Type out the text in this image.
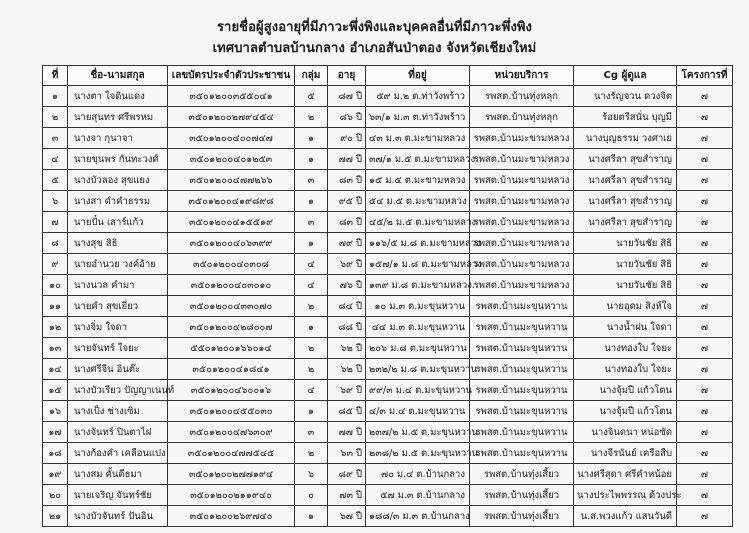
รายชื่อผู้สูงอายุที่มีภาวะพึ่งพิงและบุคคลอื่นที่มีภาวะพึ่งพิง
เทศบาลตำบลบ้านกลาง อำเภอสันป่าตอง จังหวัดเชียงใหม่
ที่	ชื่อ-นามสกุล	เลขบัตรประจำตัวประชาชน	กลุ่ม	อายุ	ที่อยู่	หน่วยบริการ	Cg ผู้ดูแล	โครงการที่
๑	นางตา ใจดินแดง	๓๕๐๑๒๐๐๓๕๕๐๔๑	๕	๘๗ ปี	๕๙ ม.๒ ต.ท่าวังพร้าว	รพสต.บ้านทุ่งหลุก	นางรัญจวน ดวงจิต	๗
๒	นายสุนทร ศรีพรหม	๓๕๐๑๒๐๐๒๗๙๔๕๔	๒	๘๖ ปี	๖๓/๑ ม.๓ ต.ท่าวังพร้าว	รพสต.บ้านทุ่งหลุก	ร้อยตรีสนั่น บุญมี	๗
๓	นางจา กุนาจา	๓๕๐๑๒๐๐๔๐๐๗๔๗	๑	๙๐ ปี	๔๓ ม.๓ ต.มะขามหลวง	รพสต.บ้านมะขามหลวง	นางบุญธรรม วงศาเย	๗
๔	นายขุนพร กันทะวงศ์	๓๕๐๑๒๐๐๔๐๑๒๕๓	๑	๗๗ ปี	๓๗/๑ ม.๕ ต.มะขามหลวง	รพสต.บ้านมะขามหลวง	นางศรีลา สุขสำราญ	๗
๕	นางบัวลอง สุขแยง	๓๕๐๑๒๐๐๔๗๗๒๖๖	๓	๘๓ ปี	๑๕ ม.๕ ต.มะขามหลวง	รพสต.บ้านมะขามหลวง	นางศรีลา สุขสำราญ	๗
๖	นางสา ดำคำธรรม	๓๕๐๑๒๐๐๔๑๙๘๙๘	๑	๙๕ ปี	๕๔ ม.๕ ต.มะขามหลวง	รพสต.บ้านมะขามหลวง	นางศรีลา สุขสำราญ	๗
๗	นายปั๋น เสาร์แก้ว	๓๕๐๑๒๐๐๔๑๕๕๑๙	๓	๘๓ ปี	๔๕/๒ ม.๕ ต.มะขามหลวง	รพสต.บ้านมะขามหลวง	นางศรีลา สุขสำราญ	๗
๘	นางสุข สิธิ	๓๕๐๑๒๐๐๔๐๖๓๙๙	๑	๗๙ ปี	๑๑๖/๕ ม.๘ ต.มะขามหลวง	รพสต.บ้านมะขามหลวง	นายวันชัย สิธิ	๗
๙	นายอำนวย วงค์อ้าย	๓๕๐๑๒๐๐๔๐๓๐๘	๔	๖๙ ปี	๑๕๗/๑ ม.๘ ต.มะขามหลวง	รพสต.บ้านมะขามหลวง	นายวันชัย สิธิ	๗
๑๐	นางนวล คำมา	๓๕๐๑๒๐๐๔๐๓๐๑๐	๔	๗๖ ปี	๑๓๙ ม.๘ ต.มะขามหลวง.	รพสต.บ้านมะขามหลวง	นายวันชัย สิธิ	๗
๑๑	นายคำ สุขเยี่ยว	๓๕๐๑๒๐๐๔๓๓๐๗๐	๒	๘๔ ปี	๑๐ ม.๓ ต.มะขุนหวาน	รพสต.บ้านมะขุนหวาน	นายอุดม สิงห์ใจ	๗
๑๒	นางจิ่ม ใจดา	๓๕๐๑๒๐๐๔๒๘๐๐๗	๑	๘๘ ปี	๔๔ ม.๓ ต.มะขุนหวาน	รพสต.บ้านมะขุนหวาน	นางน้ำฝน ใจดา	๗
๑๓	นายจันทร์ ใจยะ	๕๕๐๑๒๐๐๑๖๖๐๑๔	๒	๖๒ ปี	๒๐๖ ม.๘ ต.มะขุนหวาน	รพสต.บ้านมะขุนหวาน	นางทองใบ ใจยะ	๗
๑๔	นางศรีจีน อินต๊ะ	๓๕๐๑๒๐๐๔๑๘๔๑	๒	๖๒ ปี	๒๓๒/๒ ม.๘ ต.มะขุนหวาน	รพสต.บ้านมะขุนหวาน	นางทองใบ ใจยะ	๗
๑๕	นางบัวเรียว ปัญญาเนนท์	๓๕๐๑๒๐๐๔๖๐๐๑๖	๔	๖๙ ปี	๙๙/๓ ม.๔ ต.มะขุนหวาน	รพสต.บ้านมะขุนหวาน	นางจุ้มปี แก้วโตน	๗
๑๖	นางเป็ง ช่างเซิม	๓๕๐๑๒๐๐๔๕๕๐๓๐	๑	๘๕ ปี	๔/๓ ม.๔ ต.มะขุนหวาน	รพสต.บ้านมะขุนหวาน	นางจุ้มปี แก้วโตน	๗
๑๗	นางจันทร์ ปินตาไฝ	๓๕๐๑๒๐๐๔๗๖๓๐๙	๓	๗๗ ปี	๒๓๗/๒ ม.๕ ต.มะขุนหวาน	รพสต.บ้านมะขุนหวาน	นางจินดนา หน่อซัด	๗
๑๘	นางก้องคำ เคลือนแปง	๓๕๐๑๒๐๐๔๗๗๕๔๕	๒	๖๓ ปี	๒๓๘/๒ ม.๕ ต.มะขุนหวาน	รพสต.บ้านมะขุนหวาน	นางจีรนันย์ เครือสืบ	๗
๑๙	นางสม คั้นดีธมา	๓๕๐๑๒๐๐๒๗๗๑๙๔	๖	๘๙ ปี	๗๐ ม.๔ ต.บ้านกลาง	รพสต.บ้านทุ่งเสี้ยว	นางศรีสุดา ศรีคำหน้อย	๗
๒๐	นายเจริญ จันทร์ชัย	๓๕๐๑๒๐๐๒๑๑๙๔๐	๐	๗๓ ปี	๕๗ ม.๓ ต.บ้านกลาง	รพสต.บ้านทุ่งเสี้ยว	นางประไพพรรณ ด้วงประ	๗
๒๑	นางบัวจันทร์ ปันอิน	๓๕๐๑๒๐๐๒๖๙๗๔๐	๑	๖๗ ปี	๑๘๘/๓ ม.๓ ต.บ้านกลาง	รพสต.บ้านทุ่งเสี้ยว	น.ส.พวงแก้ว แสนวันดี	๗
